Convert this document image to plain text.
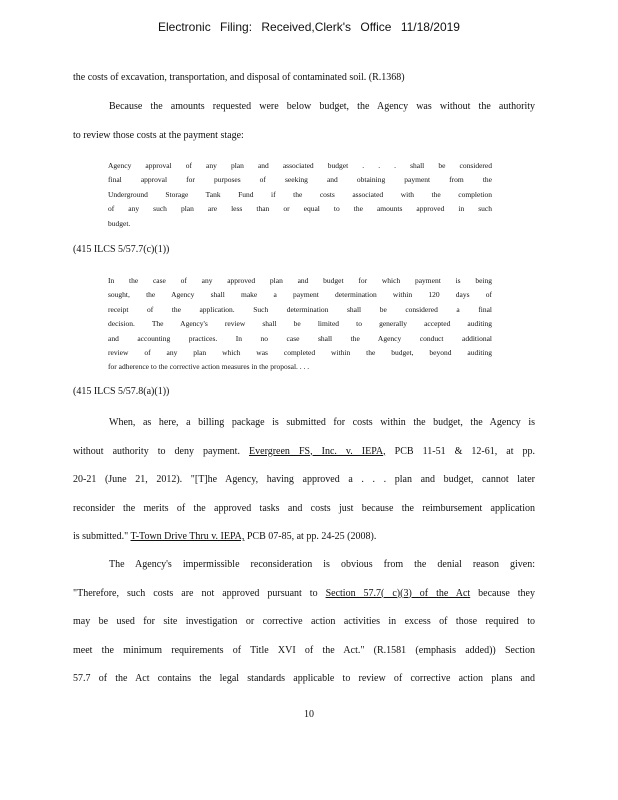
Electronic Filing: Received,Clerk's Office 11/18/2019

the costs of excavation, transportation, and disposal of contaminated soil. (R.1368)

Because the amounts requested were below budget, the Agency was without the authority

to review those costs at the payment stage:

Agency approval of any plan and associated budget . . . shall be considered

final approval for purposes of seeking and obtaining payment from the

Underground Storage Tank Fund if the costs associated with the completion

of any such plan are less than or equal to the amounts approved in such

budget.

(415 ILCS 5/57.7(c)(1))

In the case of any approved plan and budget for which payment is being

sought, the Agency shall make a payment determination within 120 days of

receipt of the application. Such determination shall be considered a final

decision. The Agency's review shall be limited to generally accepted auditing

and accounting practices. In no case shall the Agency conduct additional

review of any plan which was completed within the budget, beyond auditing

for adherence to the corrective action measures in the proposal. . . .

(415 ILCS 5/57.8(a)(1))

When, as here, a billing package is submitted for costs within the budget, the Agency is

without authority to deny payment. Evergreen FS, Inc. v. IEPA, PCB 11-51 & 12-61, at pp.

20-21 (June 21, 2012). "[T]he Agency, having approved a . . . plan and budget, cannot later

reconsider the merits of the approved tasks and costs just because the reimbursement application

is submitted." T-Town Drive Thru v. IEPA, PCB 07-85, at pp. 24-25 (2008).

The Agency's impermissible reconsideration is obvious from the denial reason given:

"Therefore, such costs are not approved pursuant to Section 57.7( c)(3) of the Act because they

may be used for site investigation or corrective action activities in excess of those required to

meet the minimum requirements of Title XVI of the Act." (R.1581 (emphasis added)) Section

57.7 of the Act contains the legal standards applicable to review of corrective action plans and

10
